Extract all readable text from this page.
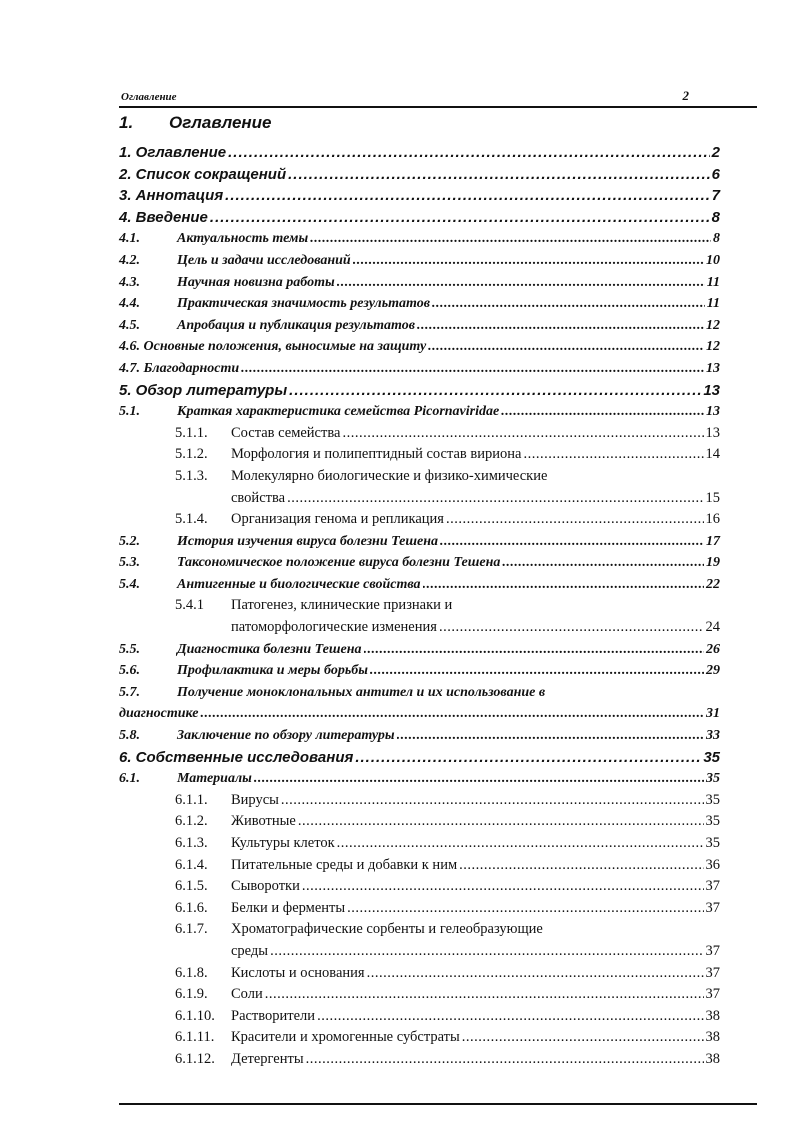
Оглавление	2
1. Оглавление
1. Оглавление .....	2
2. Список сокращений .....	6
3. Аннотация .....	7
4. Введение .....	8
4.1.	Актуальность темы .....	8
4.2.	Цель и задачи исследований .....	10
4.3.	Научная новизна работы .....	11
4.4.	Практическая значимость результатов .....	11
4.5.	Апробация и публикация результатов .....	12
4.6. Основные положения, выносимые на защиту .....	12
4.7. Благодарности .....	13
5. Обзор литературы .....	13
5.1.	Краткая характеристика семейства Picornaviridae .....	13
5.1.1.	Состав семейства .....	13
5.1.2.	Морфология и полипептидный состав вириона .....	14
5.1.3.	Молекулярно биологические и физико-химические
свойства .....	15
5.1.4.	Организация генома и репликация .....	16
5.2.	История изучения вируса болезни Тешена .....	17
5.3.	Таксономическое положение вируса болезни Тешена .....	19
5.4.	Антигенные и биологические свойства .....	22
5.4.1	Патогенез, клинические признаки и
патоморфологические изменения .....	24
5.5.	Диагностика болезни Тешена .....	26
5.6.	Профилактика и меры борьбы .....	29
5.7.	Получение моноклональных антител и их использование в
диагностике .....	31
5.8.	Заключение по обзору литературы .....	33
6. Собственные исследования .....	35
6.1.	Материалы .....	35
6.1.1.	Вирусы .....	35
6.1.2.	Животные .....	35
6.1.3.	Культуры клеток .....	35
6.1.4.	Питательные среды и добавки к ним .....	36
6.1.5.	Сыворотки .....	37
6.1.6.	Белки и ферменты .....	37
6.1.7.	Хроматографические сорбенты и гелеобразующие
среды .....	37
6.1.8.	Кислоты и основания .....	37
6.1.9.	Соли .....	37
6.1.10.	Растворители .....	38
6.1.11.	Красители и хромогенные субстраты .....	38
6.1.12.	Детергенты .....	38
